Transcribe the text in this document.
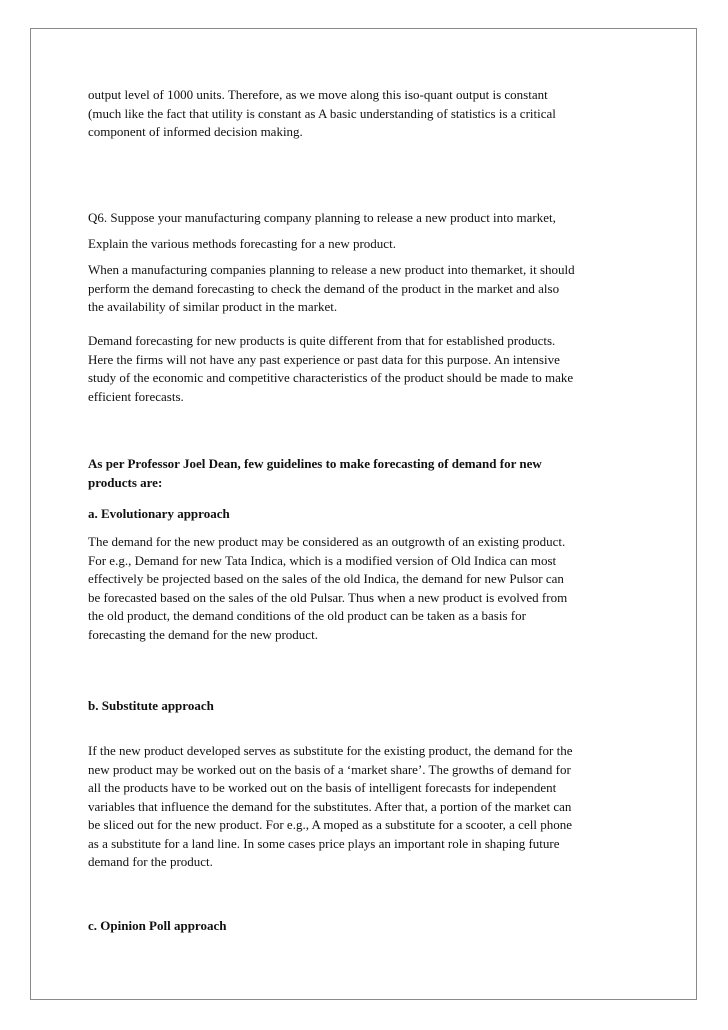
output level of 1000 units. Therefore, as we move along this iso-quant output is constant
(much like the fact that utility is constant as A basic understanding of statistics is a critical
component of informed decision making.

Q6. Suppose your manufacturing company planning to release a new product into market,

Explain the various methods forecasting for a new product.

When a manufacturing companies planning to release a new product into themarket, it should
perform the demand forecasting to check the demand of the product in the market and also
the availability of similar product in the market.

Demand forecasting for new products is quite different from that for established products.
Here the firms will not have any past experience or past data for this purpose. An intensive
study of the economic and competitive characteristics of the product should be made to make
efficient forecasts.

As per Professor Joel Dean, few guidelines to make forecasting of demand for new
products are:

a. Evolutionary approach

The demand for the new product may be considered as an outgrowth of an existing product.
For e.g., Demand for new Tata Indica, which is a modified version of Old Indica can most
effectively be projected based on the sales of the old Indica, the demand for new Pulsor can
be forecasted based on the sales of the old Pulsar. Thus when a new product is evolved from
the old product, the demand conditions of the old product can be taken as a basis for
forecasting the demand for the new product.

b. Substitute approach

If the new product developed serves as substitute for the existing product, the demand for the
new product may be worked out on the basis of a ‘market share’. The growths of demand for
all the products have to be worked out on the basis of intelligent forecasts for independent
variables that influence the demand for the substitutes. After that, a portion of the market can
be sliced out for the new product. For e.g., A moped as a substitute for a scooter, a cell phone
as a substitute for a land line. In some cases price plays an important role in shaping future
demand for the product.

c. Opinion Poll approach
